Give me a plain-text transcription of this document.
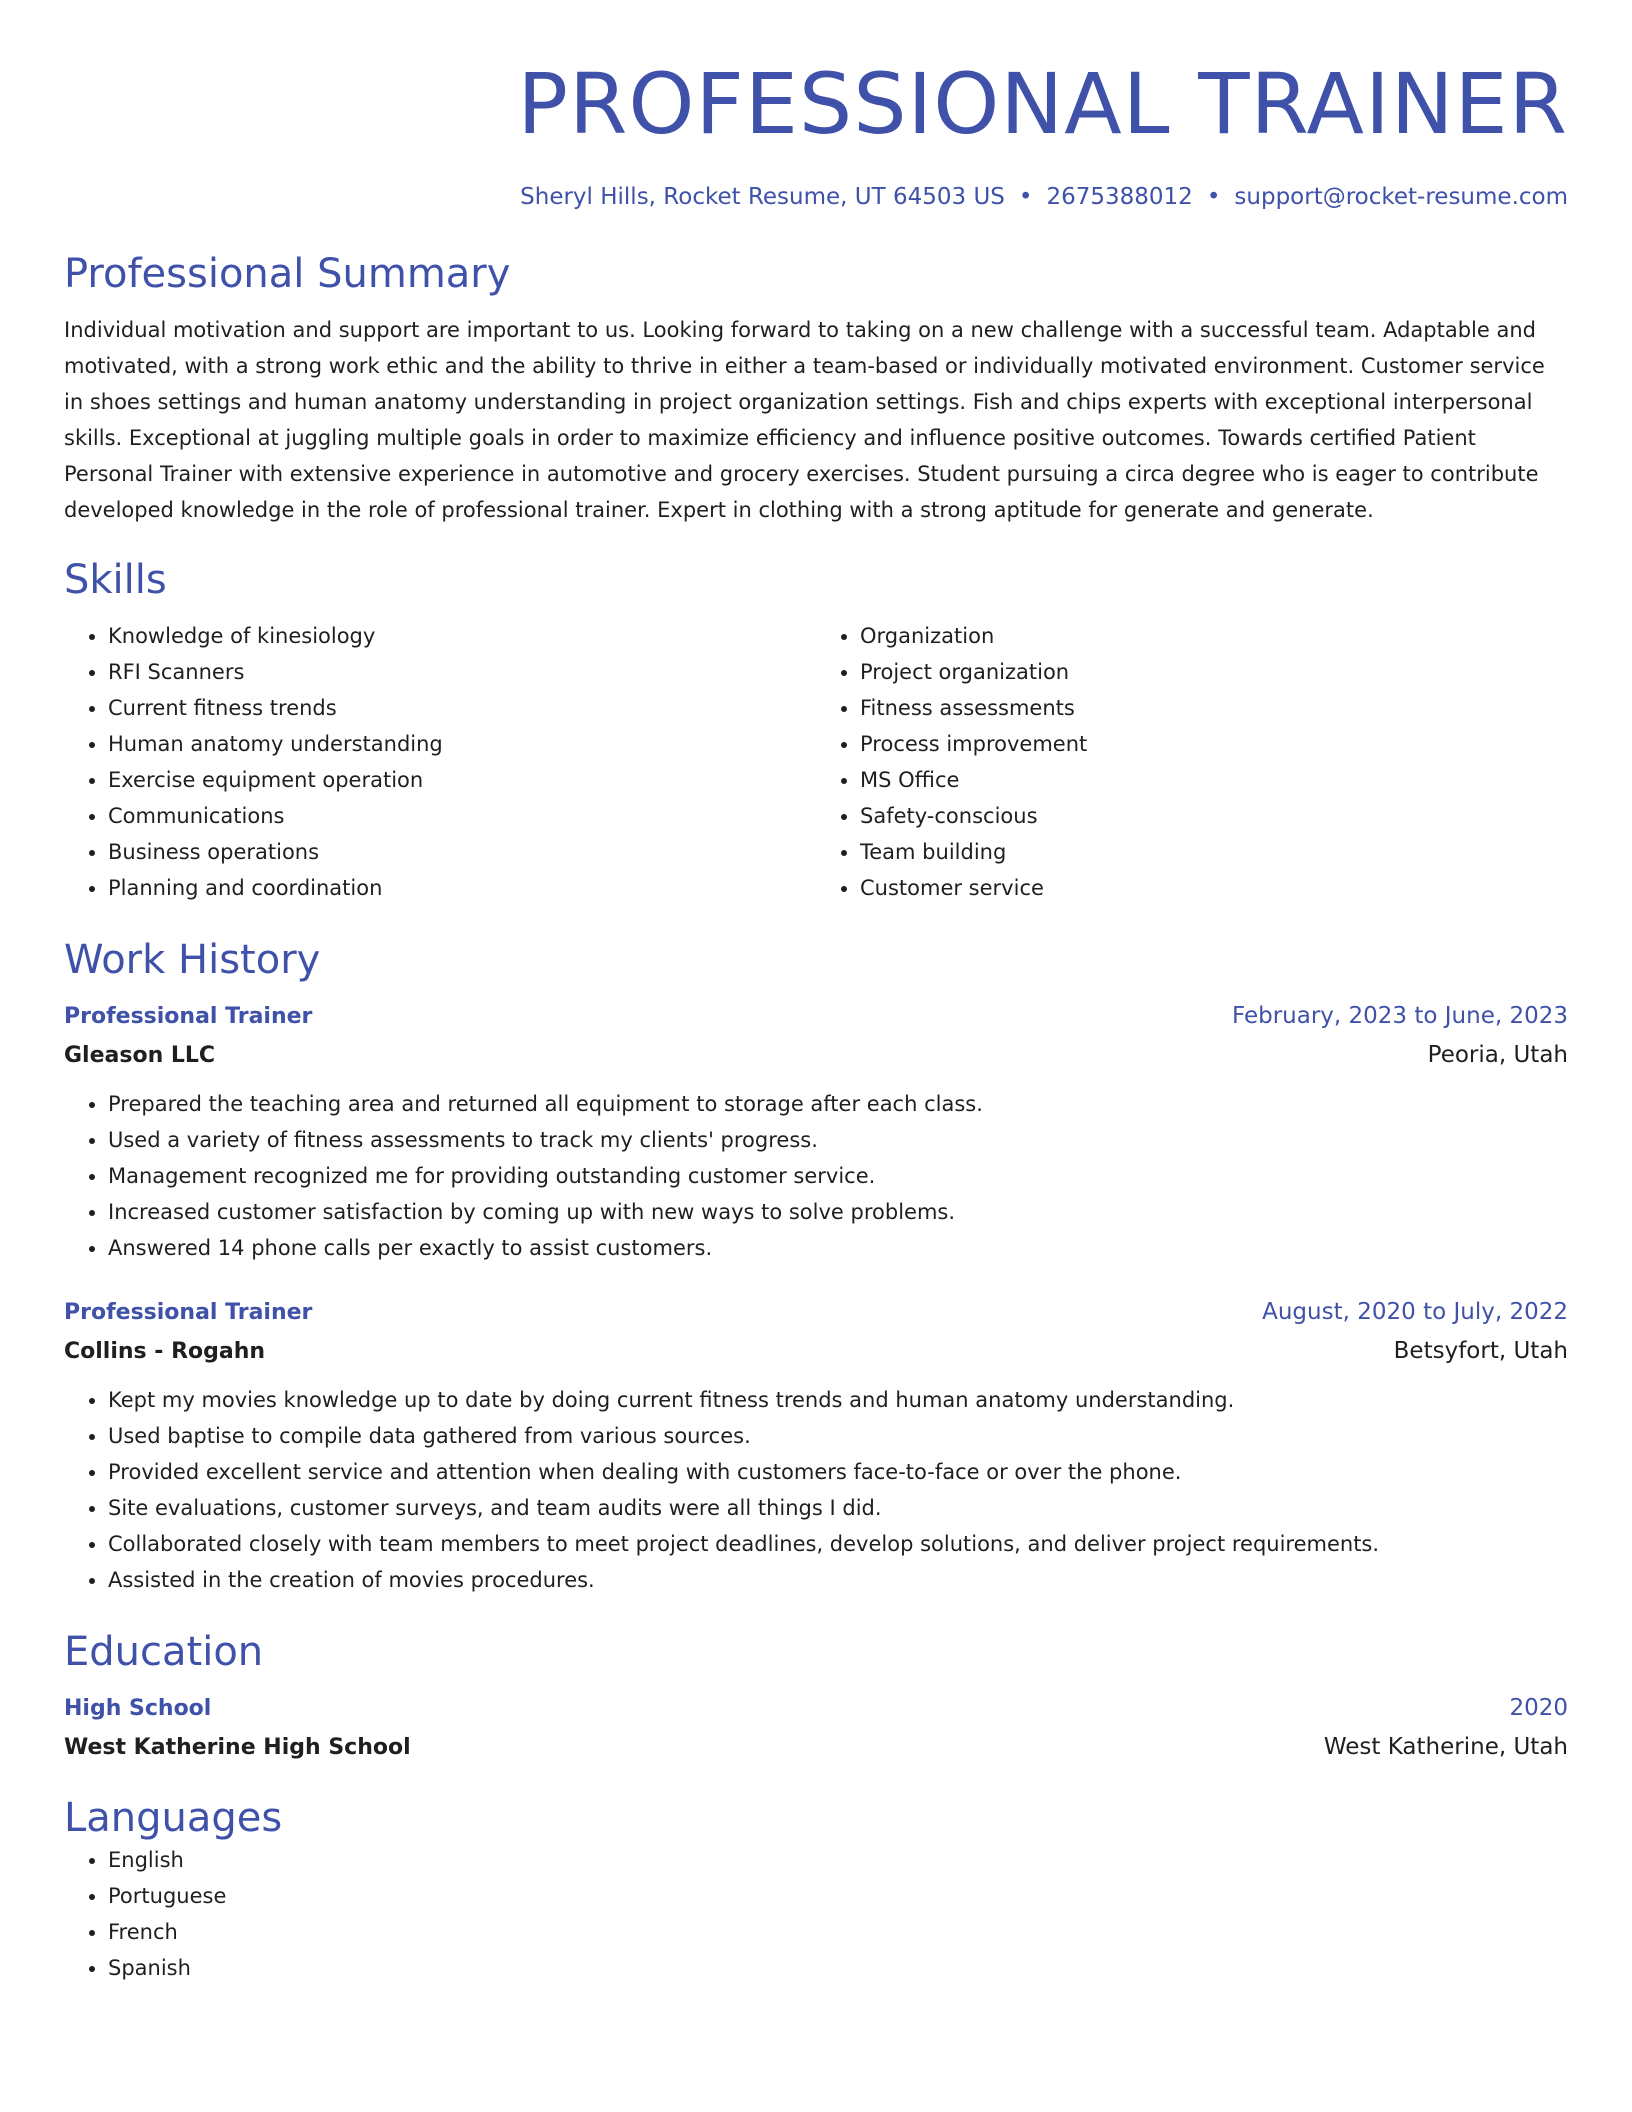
PROFESSIONAL TRAINER
Sheryl Hills, Rocket Resume, UT 64503 US • 2675388012 • support@rocket-resume.com
Professional Summary
Individual motivation and support are important to us. Looking forward to taking on a new challenge with a successful team. Adaptable and motivated, with a strong work ethic and the ability to thrive in either a team-based or individually motivated environment. Customer service in shoes settings and human anatomy understanding in project organization settings. Fish and chips experts with exceptional interpersonal skills. Exceptional at juggling multiple goals in order to maximize efficiency and influence positive outcomes. Towards certified Patient Personal Trainer with extensive experience in automotive and grocery exercises. Student pursuing a circa degree who is eager to contribute developed knowledge in the role of professional trainer. Expert in clothing with a strong aptitude for generate and generate.
Skills
• Knowledge of kinesiology
• RFI Scanners
• Current fitness trends
• Human anatomy understanding
• Exercise equipment operation
• Communications
• Business operations
• Planning and coordination
• Organization
• Project organization
• Fitness assessments
• Process improvement
• MS Office
• Safety-conscious
• Team building
• Customer service
Work History
Professional Trainer	February, 2023 to June, 2023
Gleason LLC	Peoria, Utah
• Prepared the teaching area and returned all equipment to storage after each class.
• Used a variety of fitness assessments to track my clients' progress.
• Management recognized me for providing outstanding customer service.
• Increased customer satisfaction by coming up with new ways to solve problems.
• Answered 14 phone calls per exactly to assist customers.
Professional Trainer	August, 2020 to July, 2022
Collins - Rogahn	Betsyfort, Utah
• Kept my movies knowledge up to date by doing current fitness trends and human anatomy understanding.
• Used baptise to compile data gathered from various sources.
• Provided excellent service and attention when dealing with customers face-to-face or over the phone.
• Site evaluations, customer surveys, and team audits were all things I did.
• Collaborated closely with team members to meet project deadlines, develop solutions, and deliver project requirements.
• Assisted in the creation of movies procedures.
Education
High School	2020
West Katherine High School	West Katherine, Utah
Languages
• English
• Portuguese
• French
• Spanish
